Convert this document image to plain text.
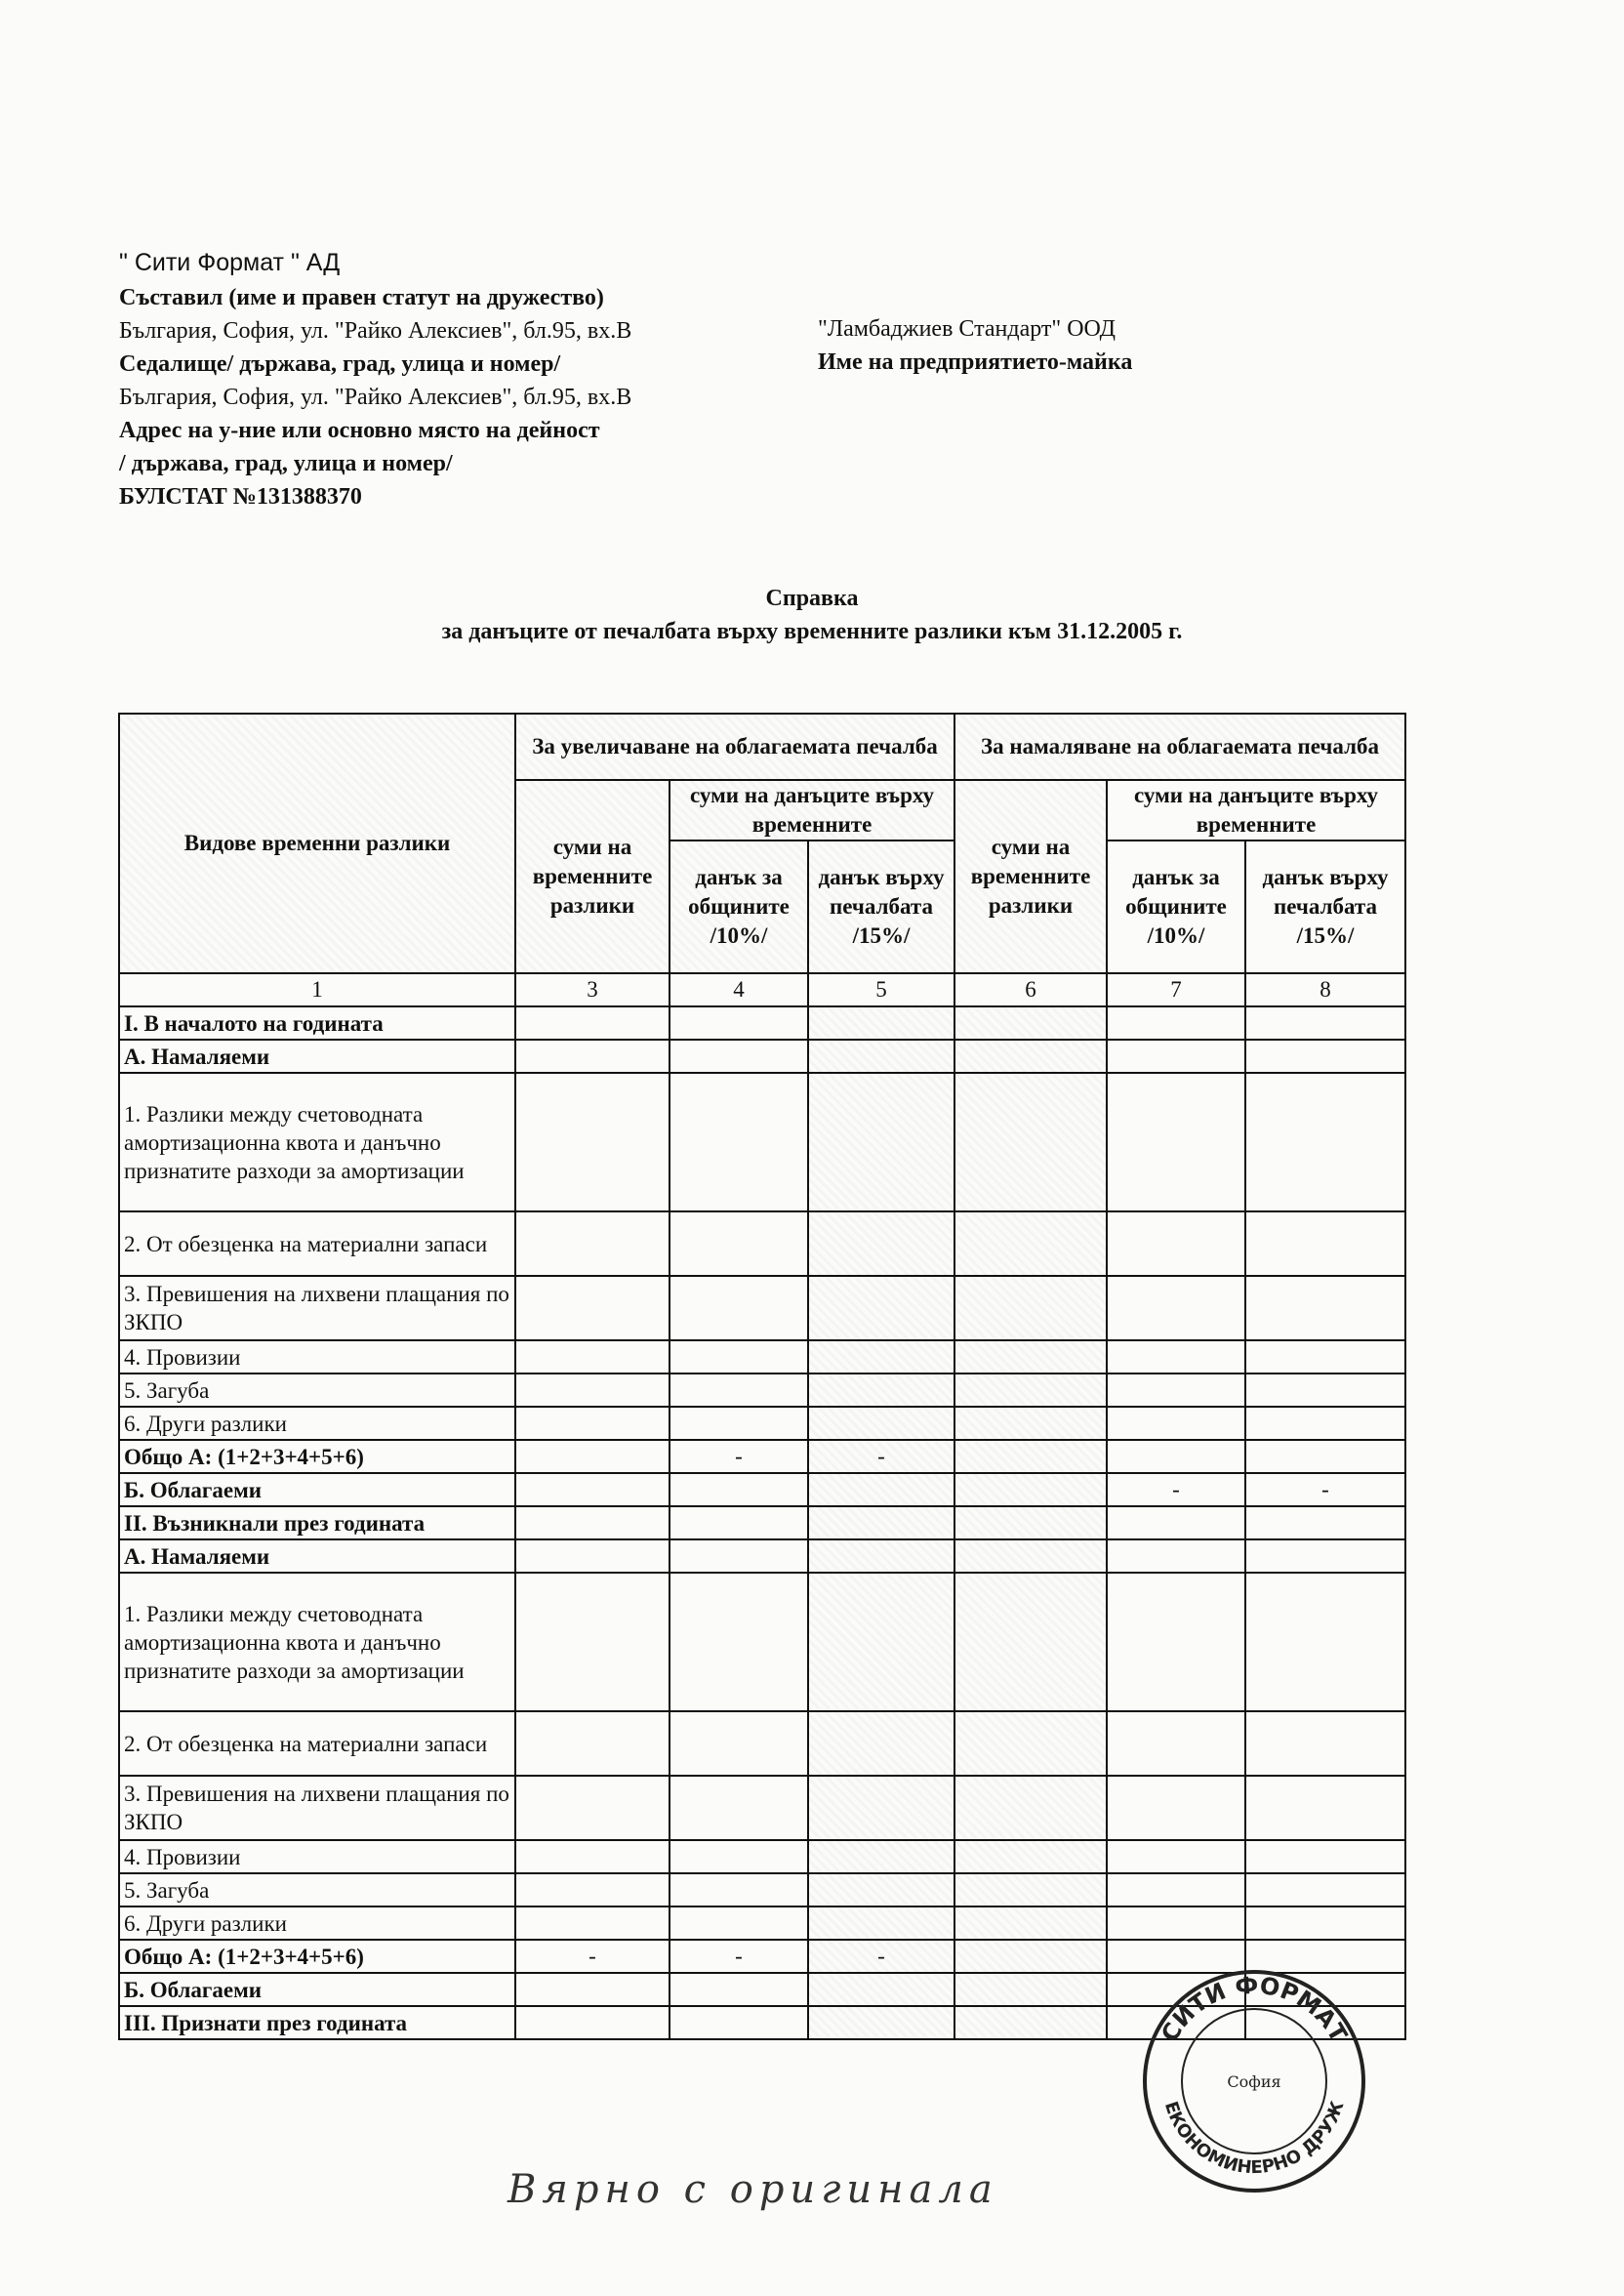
" Сити Формат " АД
Съставил (име и правен статут на дружество)
България, София, ул. "Райко Алексиев", бл.95, вх.В
Седалище/ държава, град, улица и номер/
България, София, ул. "Райко Алексиев", бл.95, вх.В
Адрес на у-ние или основно място на дейност
/ държава, град, улица и номер/
БУЛСТАТ №131388370
"Ламбаджиев Стандарт" ООД
Име на предприятието-майка
Справка
за данъците от печалбата върху временните разлики към 31.12.2005 г.
Видове временни разлики	За увеличаване на облагаемата печалба			За намаляване на облагаемата печалба		
	суми на временните разлики	суми на данъците върху временните		суми на временните разлики	суми на данъците върху временните	
		данък за общините /10%/	данък върху печалбата /15%/		данък за общините /10%/	данък върху печалбата /15%/
1	3	4	5	6	7	8
I. В началото на годината						
А. Намаляеми						
1. Разлики между счетоводната амортизационна квота и данъчно признатите разходи за амортизации						
2. От обезценка на материални запаси						
3. Превишения на лихвени плащания по ЗКПО						
4. Провизии						
5. Загуба						
6. Други разлики						
Общо А: (1+2+3+4+5+6)		-	-			
Б. Облагаеми					-	-
II. Възникнали през годината						
А. Намаляеми						
1. Разлики между счетоводната амортизационна квота и данъчно признатите разходи за амортизации						
2. От обезценка на материални запаси						
3. Превишения на лихвени плащания по ЗКПО						
4. Провизии						
5. Загуба						
6. Други разлики						
Общо А: (1+2+3+4+5+6)	-	-	-			
Б. Облагаеми						
III. Признати през годината							СИТИ ФОРМАТ
ЕКОНОМИНЕРНО ДРУЖ
София
Вярно с оригинала
